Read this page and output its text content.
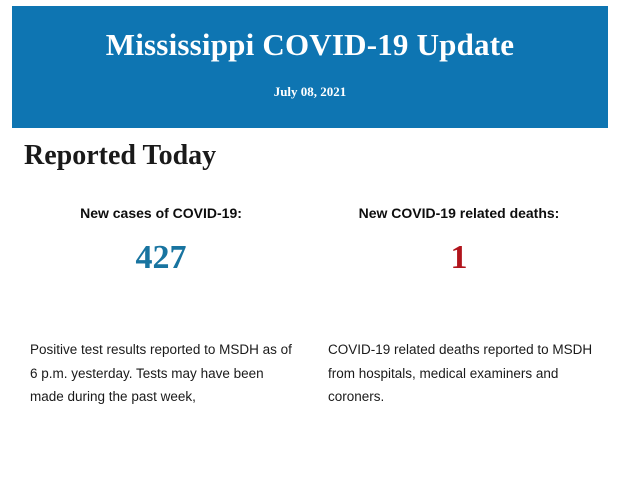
Mississippi COVID-19 Update

July 08, 2021

Reported Today

New cases of COVID-19:

427

New COVID-19 related deaths:

1

Positive test results reported to MSDH as of 6 p.m. yesterday. Tests may have been made during the past week,

COVID-19 related deaths reported to MSDH from hospitals, medical examiners and coroners.
